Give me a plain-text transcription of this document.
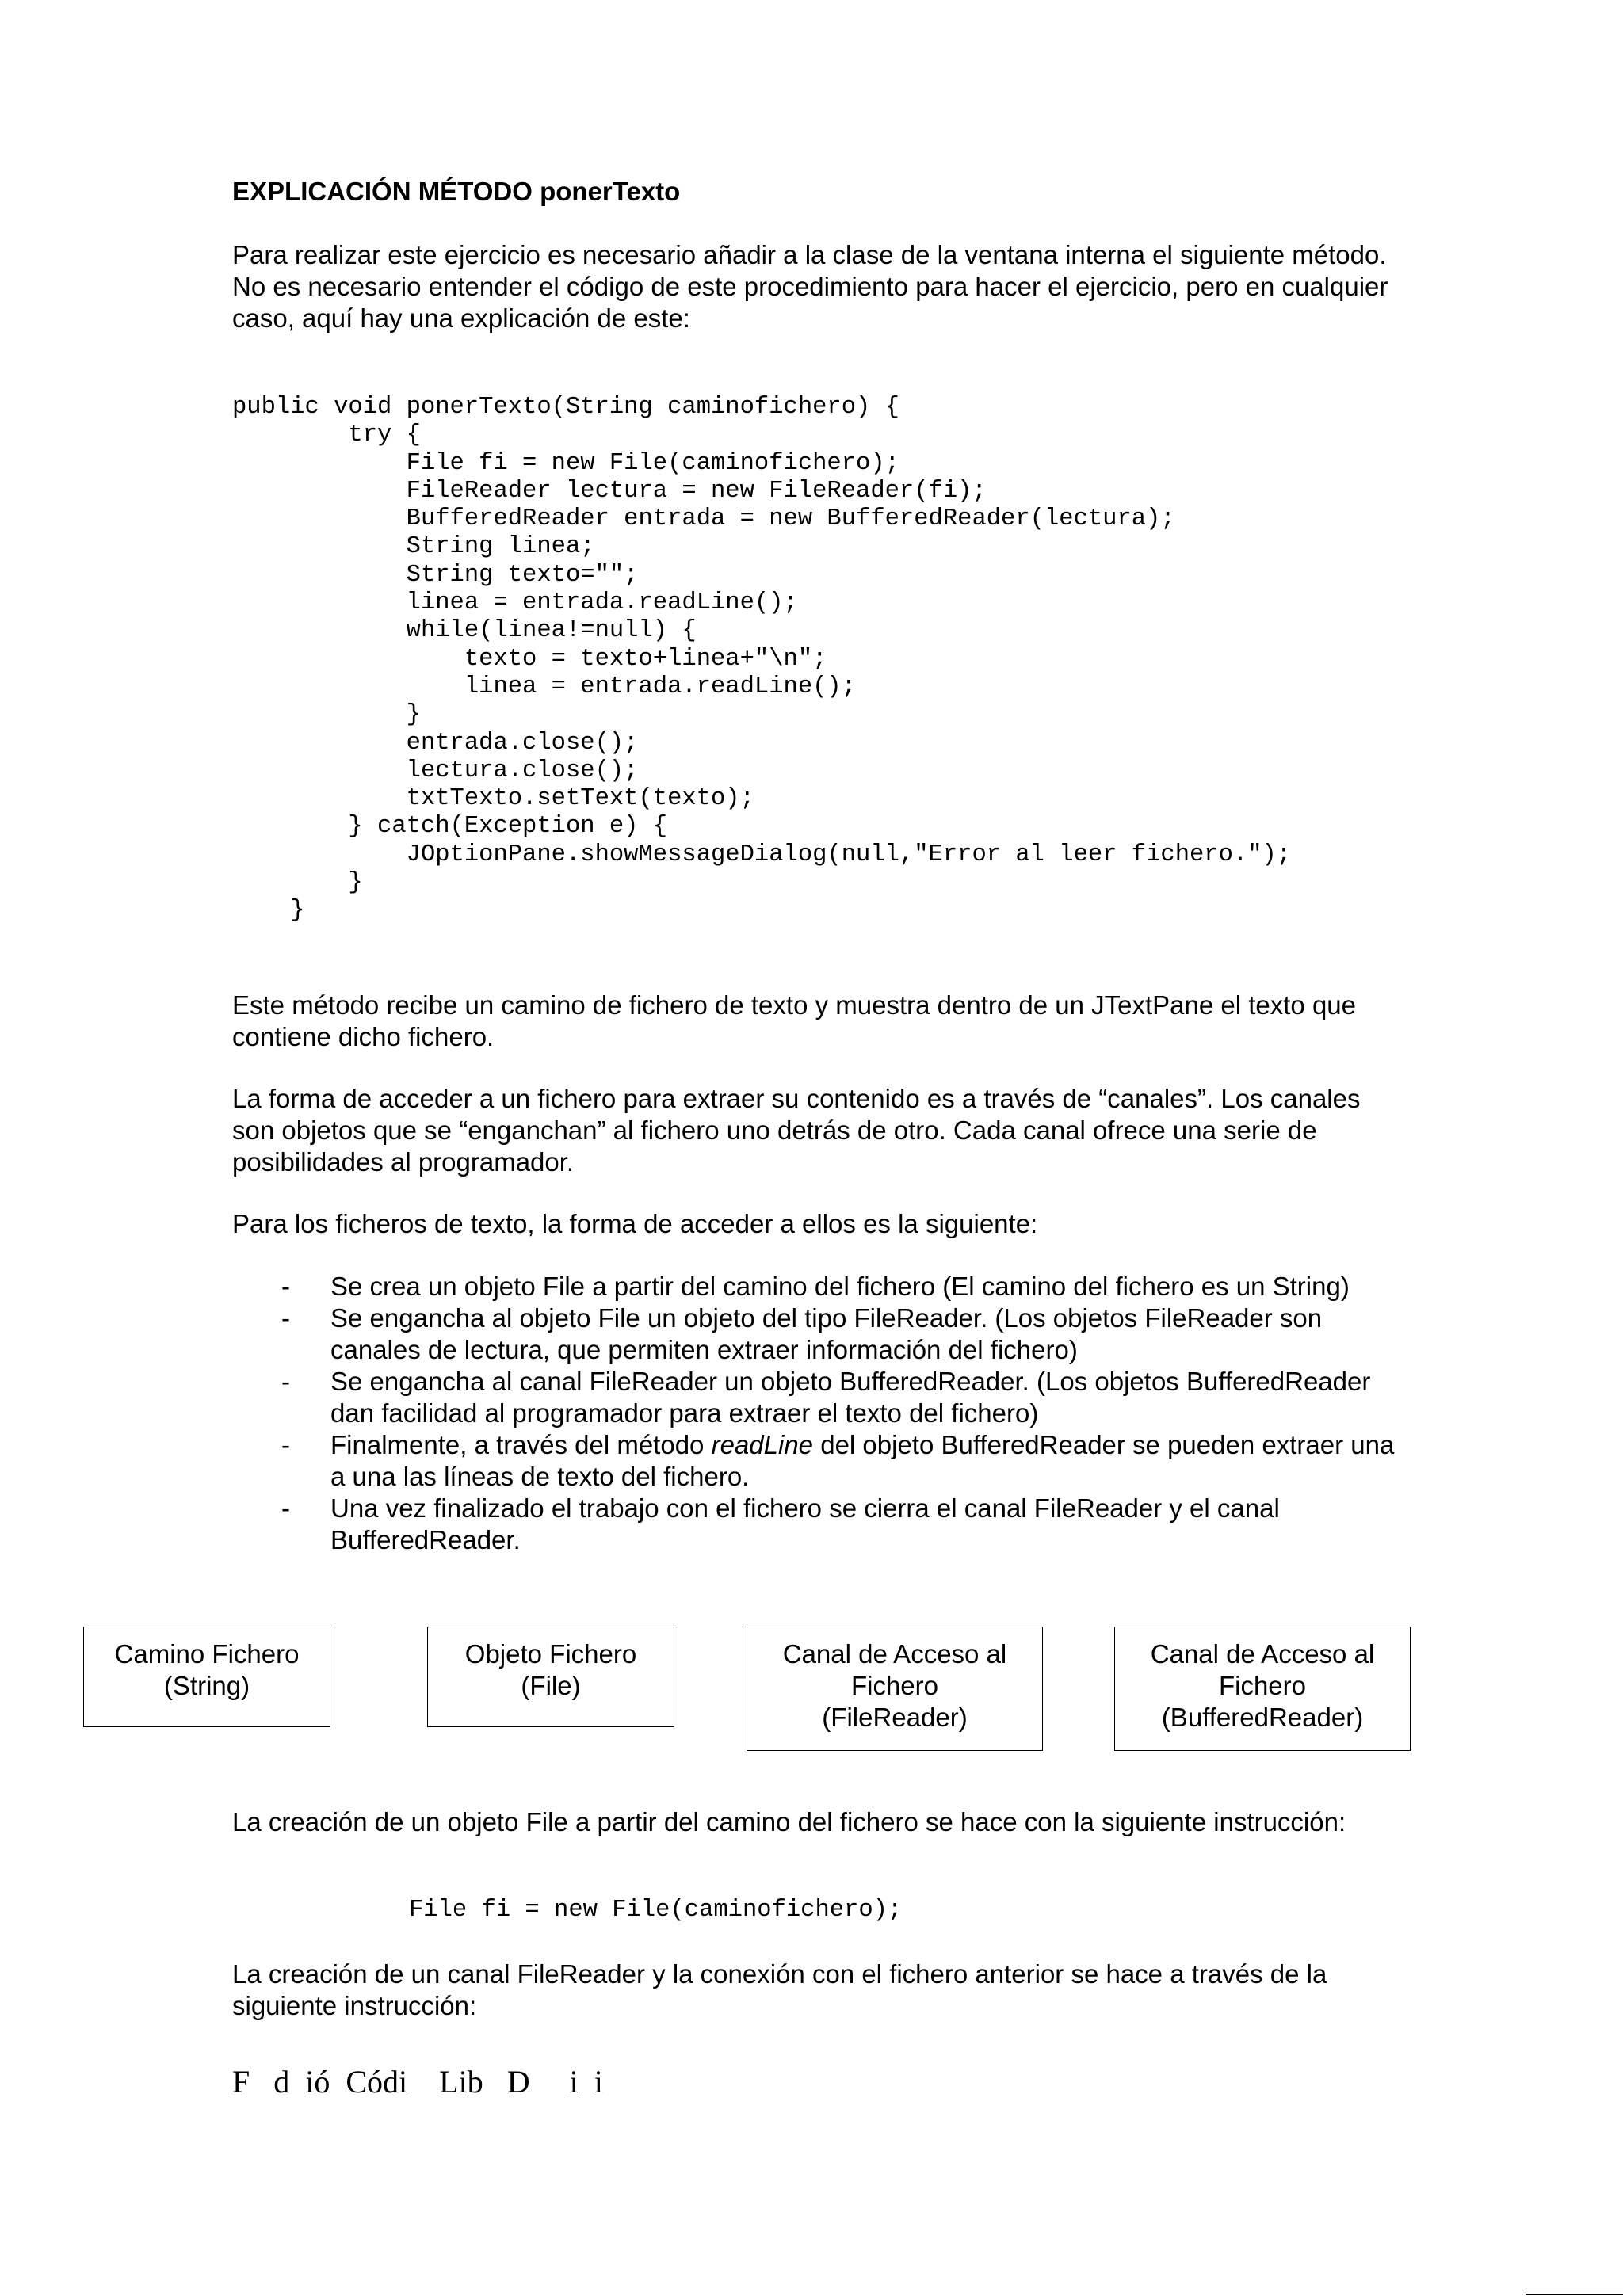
EXPLICACIÓN MÉTODO ponerTexto
Para realizar este ejercicio es necesario añadir a la clase de la ventana interna el siguiente método. No es necesario entender el código de este procedimiento para hacer el ejercicio, pero en cualquier caso, aquí hay una explicación de este:
public void ponerTexto(String caminofichero) {
try {
File fi = new File(caminofichero);
FileReader lectura = new FileReader(fi);
BufferedReader entrada = new BufferedReader(lectura);
String linea;
String texto="";
linea = entrada.readLine();
while(linea!=null) {
texto = texto+linea+"\n";
linea = entrada.readLine();
}
entrada.close();
lectura.close();
txtTexto.setText(texto);
} catch(Exception e) {
JOptionPane.showMessageDialog(null,"Error al leer fichero.");
}
}
Este método recibe un camino de fichero de texto y muestra dentro de un JTextPane el texto que contiene dicho fichero.
La forma de acceder a un fichero para extraer su contenido es a través de “canales”. Los canales son objetos que se “enganchan” al fichero uno detrás de otro. Cada canal ofrece una serie de posibilidades al programador.
Para los ficheros de texto, la forma de acceder a ellos es la siguiente:
- Se crea un objeto File a partir del camino del fichero (El camino del fichero es un String)
- Se engancha al objeto File un objeto del tipo FileReader. (Los objetos FileReader son canales de lectura, que permiten extraer información del fichero)
- Se engancha al canal FileReader un objeto BufferedReader. (Los objetos BufferedReader dan facilidad al programador para extraer el texto del fichero)
- Finalmente, a través del método readLine del objeto BufferedReader se pueden extraer una a una las líneas de texto del fichero.
- Una vez finalizado el trabajo con el fichero se cierra el canal FileReader y el canal BufferedReader.
Camino Fichero
(String)
Objeto Fichero
(File)
Canal de Acceso al
Fichero
(FileReader)
Canal de Acceso al
Fichero
(BufferedReader)
La creación de un objeto File a partir del camino del fichero se hace con la siguiente instrucción:
File fi = new File(caminofichero);
La creación de un canal FileReader y la conexión con el fichero anterior se hace a través de la siguiente instrucción:
F   d  ió  Códi    Lib   D     i  i
